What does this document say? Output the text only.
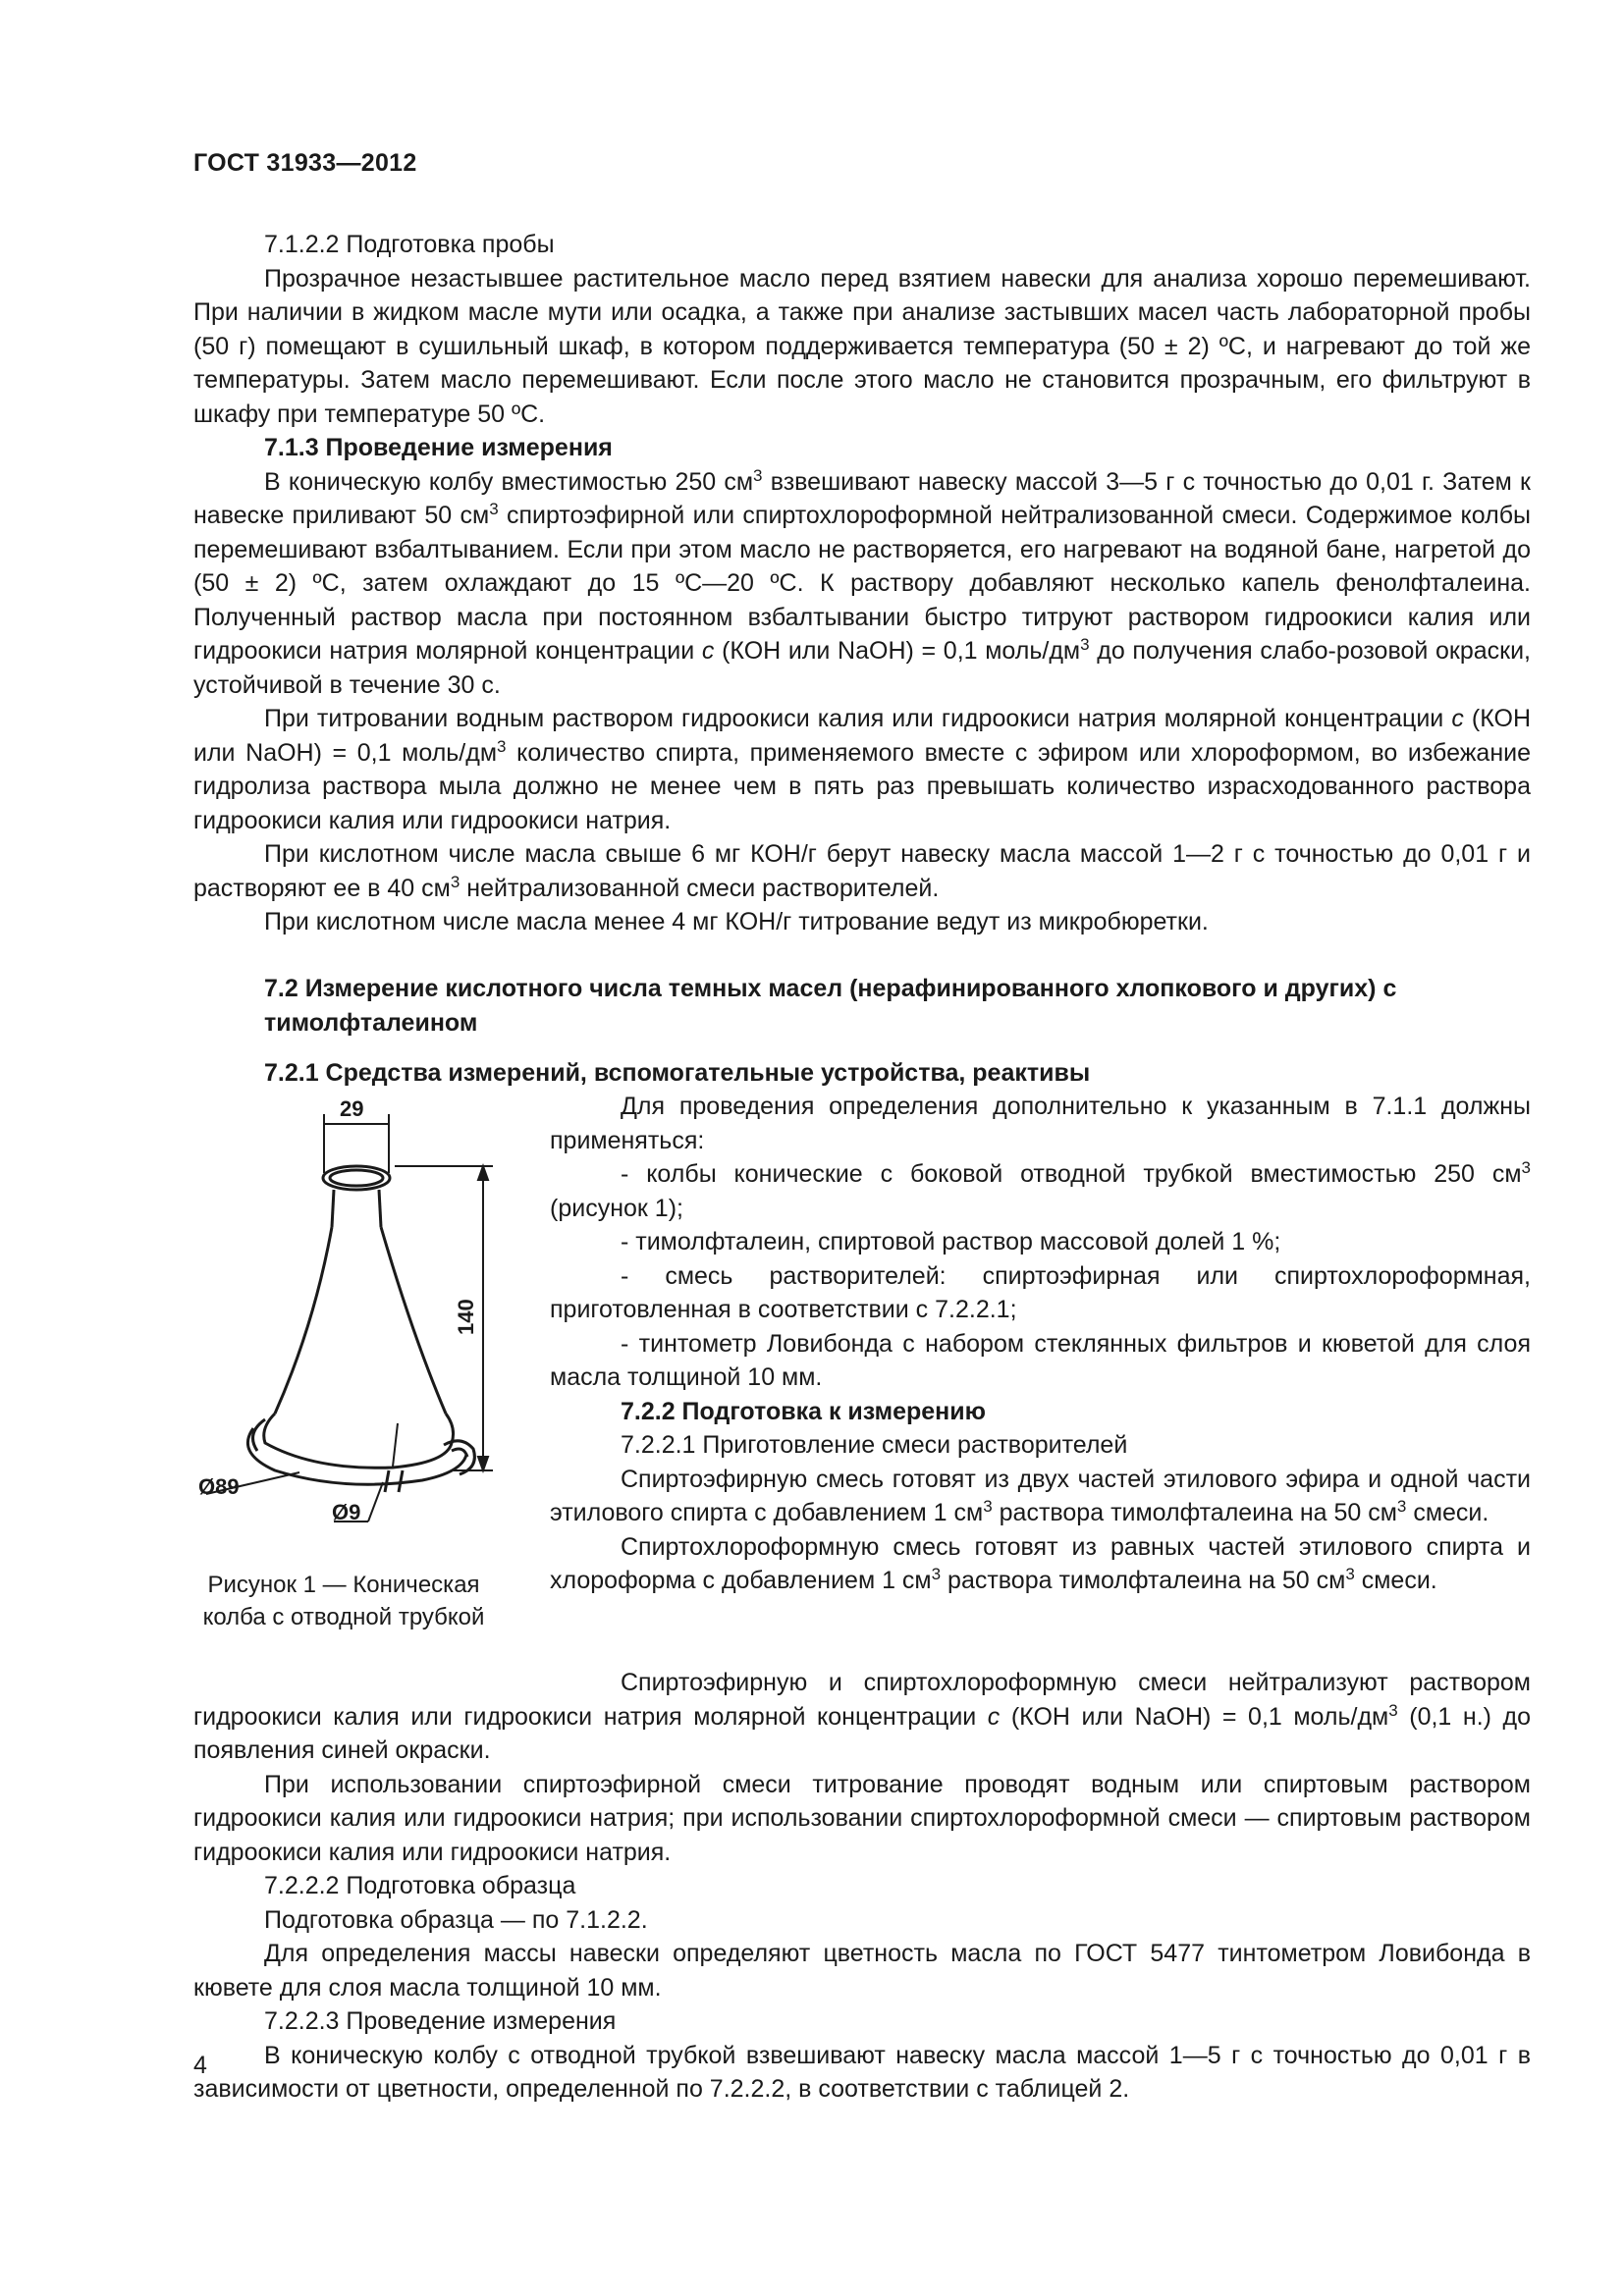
ГОСТ 31933—2012

7.1.2.2 Подготовка пробы

Прозрачное незастывшее растительное масло перед взятием навески для анализа хорошо перемешивают. При наличии в жидком масле мути или осадка, а также при анализе застывших масел часть лабораторной пробы (50 г) помещают в сушильный шкаф, в котором поддерживается температура (50 ± 2) ºС, и нагревают до той же температуры. Затем масло перемешивают. Если после этого масло не становится прозрачным, его фильтруют в шкафу при температуре 50 ºС.

7.1.3 Проведение измерения

В коническую колбу вместимостью 250 $см^3$ взвешивают навеску массой 3—5 г с точностью до 0,01 г. Затем к навеске приливают 50 $см^3$ спиртоэфирной или спиртохлороформной нейтрализованной смеси. Содержимое колбы перемешивают взбалтыванием. Если при этом масло не растворяется, его нагревают на водяной бане, нагретой до (50 ± 2) ºС, затем охлаждают до 15 ºС—20 ºС. К раствору добавляют несколько капель фенолфталеина. Полученный раствор масла при постоянном взбалтывании быстро титруют раствором гидроокиси калия или гидроокиси натрия молярной концентрации c (КОН или NaOH) = 0,1 моль/$дм^3$ до получения слабо-розовой окраски, устойчивой в течение 30 с.

При титровании водным раствором гидроокиси калия или гидроокиси натрия молярной концентрации c (КОН или NaOH) = 0,1 моль/$дм^3$ количество спирта, применяемого вместе с эфиром или хлороформом, во избежание гидролиза раствора мыла должно не менее чем в пять раз превышать количество израсходованного раствора гидроокиси калия или гидроокиси натрия.

При кислотном числе масла свыше 6 мг КОН/г берут навеску масла массой 1—2 г с точностью до 0,01 г и растворяют ее в 40 $см^3$ нейтрализованной смеси растворителей.

При кислотном числе масла менее 4 мг КОН/г титрование ведут из микробюретки.

7.2 Измерение кислотного числа темных масел (нерафинированного хлопкового и других) с тимолфталеином
7.2.1 Средства измерений, вспомогательные устройства, реактивы

Для проведения определения дополнительно к указанным в 7.1.1 должны применяться:

- колбы конические с боковой отводной трубкой вместимостью 250 $см^3$ (рисунок 1);

- тимолфталеин, спиртовой раствор массовой долей 1 %;

- смесь растворителей: спиртоэфирная или спиртохлороформная, приготовленная в соответствии с 7.2.2.1;

- тинтометр Ловибонда с набором стеклянных фильтров и кюветой для слоя масла толщиной 10 мм.

7.2.2 Подготовка к измерению

7.2.2.1 Приготовление смеси растворителей

Спиртоэфирную смесь готовят из двух частей этилового эфира и одной части этилового спирта с добавлением 1 $см^3$ раствора тимолфталеина на 50 $см^3$ смеси.

Спиртохлороформную смесь готовят из равных частей этилового спирта и хлороформа с добавлением 1 $см^3$ раствора тимолфталеина на 50 $см^3$ смеси.

29
140
Ø89
Ø9
Рисунок 1 — Коническая колба с отводной трубкой

Спиртоэфирную и спиртохлороформную смеси нейтрализуют раствором гидроокиси калия или гидроокиси натрия молярной концентрации c (КОН или NaOH) = 0,1 моль/$дм^3$ (0,1 н.) до появления синей окраски.

При использовании спиртоэфирной смеси титрование проводят водным или спиртовым раствором гидроокиси калия или гидроокиси натрия; при использовании спиртохлороформной смеси — спиртовым раствором гидроокиси калия или гидроокиси натрия.

7.2.2.2 Подготовка образца

Подготовка образца — по 7.1.2.2.

Для определения массы навески определяют цветность масла по ГОСТ 5477 тинтометром Ловибонда в кювете для слоя масла толщиной 10 мм.

7.2.2.3 Проведение измерения

В коническую колбу с отводной трубкой взвешивают навеску масла массой 1—5 г с точностью до 0,01 г в зависимости от цветности, определенной по 7.2.2.2, в соответствии с таблицей 2.

4
